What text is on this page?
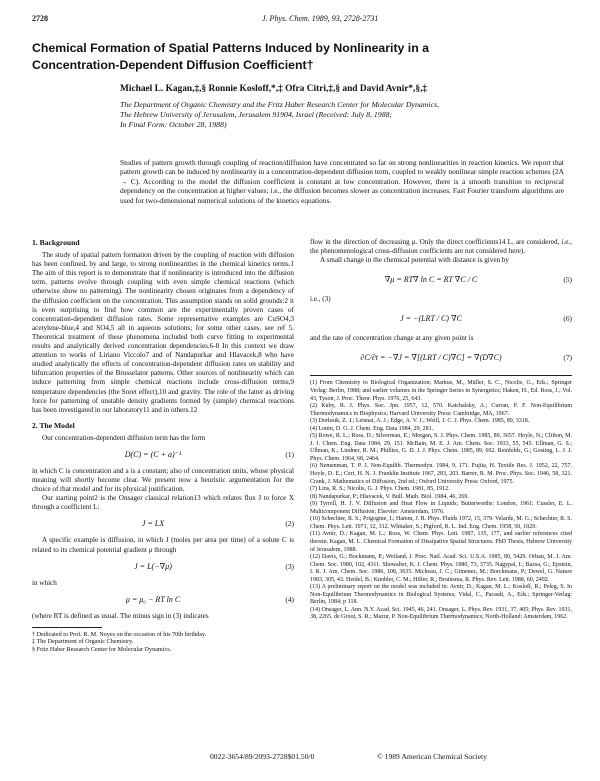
2728	J. Phys. Chem. 1989, 93, 2728-2731
Chemical Formation of Spatial Patterns Induced by Nonlinearity in a
Concentration-Dependent Diffusion Coefficient†
Michael L. Kagan,‡,§ Ronnie Kosloff,*,‡ Ofra Citri,‡,§ and David Avnir*,§,‡
The Department of Organic Chemistry and the Fritz Haber Research Center for Molecular Dynamics,
The Hebrew University of Jerusalem, Jerusalem 91904, Israel (Received: July 8, 1988;
In Final Form: October 28, 1988)
Studies of pattern growth through coupling of reaction/diffusion have concentrated so far on strong nonlinearities in reaction kinetics. We report that pattern growth can be induced by nonlinearity in a concentration-dependent diffusion term, coupled to weakly nonlinear simple reaction schemes (2A → C). According to the model the diffusion coefficient is constant at low concentration. However, there is a smooth transition to reciprocal dependency on the concentration at higher values; i.e., the diffusion becomes slower as concentration increases. Fast Fourier transform algorithms are used for two-dimensional numerical solutions of the kinetics equations.
1. Background

The study of spatial pattern formation driven by the coupling of reaction with diffusion has been confined, by and large, to strong nonlinearities in the chemical kinetics terms.1 The aim of this report is to demonstrate that if nonlinearity is introduced into the diffusion term, patterns evolve through coupling with even simple chemical reactions (which otherwise show no patterning). The nonlinearity chosen originates from a dependency of the diffusion coefficient on the concentration. This assumption stands on solid grounds:2 it is even surprising to find how common are the experimentally proven cases of concentration-dependent diffusion rates. Some representative examples are CuSO4,3 acetylene-blue,4 and SO4,5 all in aqueous solutions; for some other cases, see ref 5. Theoretical treatment of these phenomena included both curve fitting to experimental results and analytically derived concentration dependencies.6-8 In this context we draw attention to works of Liriano Viccolo7 and of Nandapurkar and Hlavacek,8 who have studied analytically the effects of concentration-dependent diffusion rates on stability and bifurcation properties of the Brusselator patterns. Other sources of nonlinearity which can induce patterning from simple chemical reactions include cross-diffusion terms,9 temperature dependencies (the Soret effect),10 and gravity. The role of the latter as driving force for patterning of unstable density gradients formed by (simple) chemical reactions has been investigated in our laboratory11 and in others.12

2. The Model

Our concentration-dependent diffusion term has the form

D(C) = (C + a)⁻¹	(1)

in which C is concentration and a is a constant; also of concentration units, whose physical meaning will shortly become clear. We present now a heuristic argumentation for the choice of that model and for its physical justification.

Our starting point2 is the Onsager classical relation13 which relates flux J to force X through a coefficient L:

J = LX	(2)

A specific example is diffusion, in which J (moles per area per time) of a solute C is related to its chemical potential gradient μ through

J = L(−∇μ)	(3)

in which

μ = μ₀ − RT ln C	(4)

(where RT is defined as usual. The minus sign in (3) indicates

† Dedicated to Prof. R. M. Noyes on the occasion of his 70th birthday.
‡ The Department of Organic Chemistry.
§ Fritz Haber Research Center for Molecular Dynamics.

flow in the direction of decreasing μ. Only the direct coefficients14 L, are considered, i.e., the phenomenological cross-diffusion coefficients are not considered here).

A small change in the chemical potential with distance is given by

∇μ = RT∇ ln C = RT ∇C / C	(5)

i.e., (3)

J = −(LRT / C) ∇C	(6)

and the rate of concentration change at any given point is

∂C/∂t = −∇J = ∇[(LRT / C)∇C] = ∇(D∇C)	(7)
(1) From Chemistry to Biological Organization; Markus, M., Müller, S. C., Nicolis, G., Eds.; Springer Verlag: Berlin, 1988; and earlier volumes in the Springer Series in Synergetics; Haken, H., Ed. Ross, J.; Vol. 43, Tyson, J. Proc. Theor. Phys. 1976, 25, 643.
(2) Kuby, R. J. Phys. Soc. Jpn. 1957, 12, 570. Katchalsky, A.; Curran, P. F. Non-Equilibrium Thermodynamics in Biophysics; Harvard University Press: Cambridge, MA, 1967.
(3) Dorlesik, Z. J.; Leisnai, A. J.; Edge, A. V. J.; Weill, J. C. J. Phys. Chem. 1985, 89, 3318.
(4) Lonin, D. G. J. Chem. Eng. Data 1984, 29, 281.
(5) Rowe, R. L.; Ross, D.; Silverman, E.; Morgan, S. J. Phys. Chem. 1985, 89, 3657. Hoyle, N.; Clifton, M. J. J. Chem. Eng. Data 1984, 29, 151. McBain, M. E. J. Am. Chem. Soc. 1933, 55, 545. Ullman, G. S.; Ullman, K.; Lindner, R. M.; Phillies, G. D. J. J. Phys. Chem. 1985, 89, 692. Reinfelds, G.; Gosting, L. J. J. Phys. Chem. 1964, 68, 2464.
(6) Nemenman, T. P. J. Non-Equilib. Thermodyn. 1984, 9, 171. Fujita, H. Textile Res. J. 1952, 22, 757. Hoyle, D. E.; Ceri, H. N. J. Franklin Institute 1967, 283, 203. Barrer, R. M. Proc. Phys. Soc. 1946, 58, 321. Crank, J. Mathematics of Diffusion, 2nd ed.; Oxford University Press: Oxford, 1975.
(7) Lins, R. S.; Nicolis, G. J. Phys. Chem. 1981, 85, 1912.
(8) Nandapurkar, P.; Hlavacek, V. Bull. Math. Biol. 1984, 46, 269.
(9) Tyrrell, H. J. V. Diffusion and Heat Flow in Liquids; Butterworths: London, 1961; Cussler, E. L. Multicomponent Diffusion; Elsevier: Amsterdam, 1976.
(10) Schechter, R. S.; Prigogine, I.; Hamm, J. R. Phys. Fluids 1972, 15, 379. Velarde, M. G.; Schechter, R. S. Chem. Phys. Lett. 1971, 12, 312. Whitaker, S.; Pigford, R. L. Ind. Eng. Chem. 1958, 50, 1029.
(11) Avnir, D.; Kagan, M. L.; Ross, W. Chem. Phys. Lett. 1987, 135, 177, and earlier references cited therein. Kagan, M. L. Chemical Formation of Dissipative Spatial Structures. PhD Thesis, Hebrew University of Jerusalem, 1988.
(12) Davis, G.; Bockmann, P.; Weiland, J. Proc. Natl. Acad. Sci. U.S.A. 1985, 80, 5429. Orban, M. J. Am. Chem. Soc. 1980, 102, 4311. Showalter, K. J. Chem. Phys. 1980, 73, 3735. Nagypal, I.; Bazsa, G.; Epstein, I. R. J. Am. Chem. Soc. 1986, 108, 3635. Micheau, J. C.; Gimenez, M.; Borckmans, P.; Dewel, G. Nature 1983, 305, 43. Heidel, B.; Knobler, C. M.; Hilfer, R.; Bruinsma, R. Phys. Rev. Lett. 1988, 60, 2492.
(13) A preliminary report on the model was included in: Avnir, D.; Kagan, M. L.; Kosloff, R.; Peleg, S. In Non-Equilibrium Thermodynamics in Biological Systems; Vidal, C., Pacault, A., Eds.; Springer-Verlag: Berlin, 1984; p 118.
(14) Onsager, L. Ann. N.Y. Acad. Sci. 1945, 46, 241. Onsager, L. Phys. Rev. 1931, 37, 405; Phys. Rev. 1931, 38, 2265. de Groot, S. R.; Mazur, P. Non-Equilibrium Thermodynamics; North-Holland: Amsterdam, 1962.
0022-3654/89/2093-2728$01.50/0	© 1989 American Chemical Society
